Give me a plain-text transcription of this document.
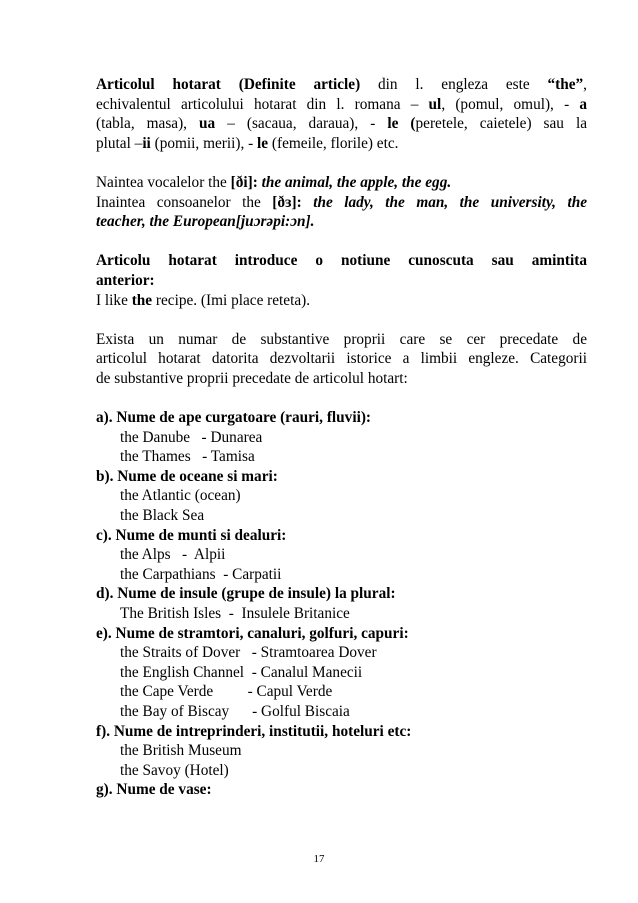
Articolul hotarat (Definite article) din l. engleza este “the”,
echivalentul articolului hotarat din l. romana – ul, (pomul, omul), - a
(tabla, masa), ua – (sacaua, daraua), - le (peretele, caietele) sau la
plutal –ii (pomii, merii), - le (femeile, florile) etc.

Naintea vocalelor the [ði]: the animal, the apple, the egg.
Inaintea consoanelor the [ðɜ]: the lady, the man, the university, the
teacher, the European[juɔrəpi:ɔn].

Articolu hotarat introduce o notiune cunoscuta sau amintita
anterior:
I like the recipe. (Imi place reteta).

Exista un numar de substantive proprii care se cer precedate de
articolul hotarat datorita dezvoltarii istorice a limbii engleze. Categorii
de substantive proprii precedate de articolul hotart:

a). Nume de ape curgatoare (rauri, fluvii):
the Danube   - Dunarea
the Thames   - Tamisa
b). Nume de oceane si mari:
the Atlantic (ocean)
the Black Sea
c). Nume de munti si dealuri:
the Alps   -  Alpii
the Carpathians  - Carpatii
d). Nume de insule (grupe de insule) la plural:
The British Isles  -  Insulele Britanice
e). Nume de stramtori, canaluri, golfuri, capuri:
the Straits of Dover   - Stramtoarea Dover
the English Channel  - Canalul Manecii
the Cape Verde         - Capul Verde
the Bay of Biscay      - Golful Biscaia
f). Nume de intreprinderi, institutii, hoteluri etc:
the British Museum
the Savoy (Hotel)
g). Nume de vase:
17
